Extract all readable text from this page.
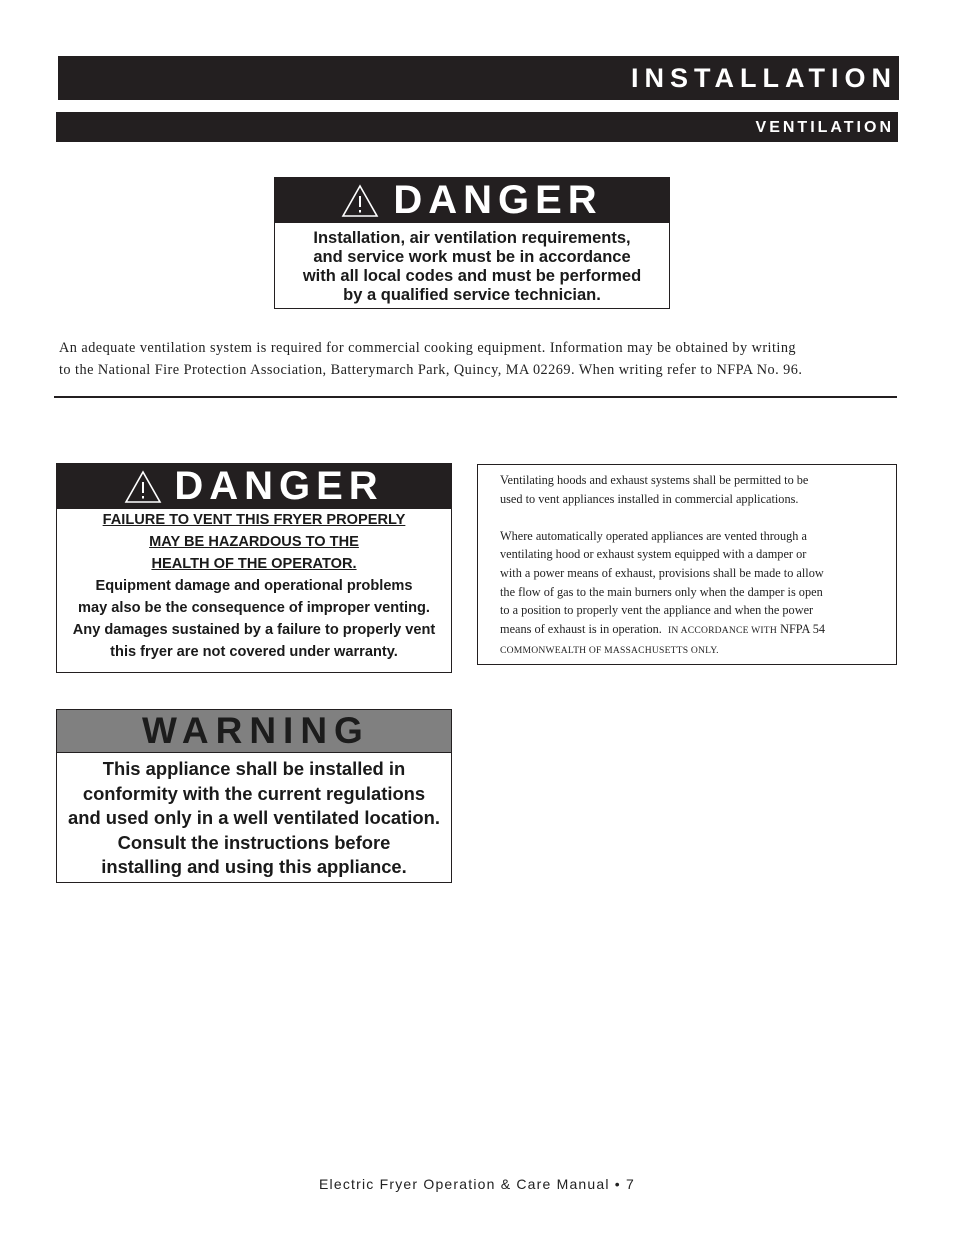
INSTALLATION
VENTILATION
DANGER
Installation, air ventilation requirements,
and service work must be in accordance
with all local codes and must be performed
by a qualified service technician.
An adequate ventilation system is required for commercial cooking equipment. Information may be obtained by writing
to the National Fire Protection Association, Batterymarch Park, Quincy, MA 02269. When writing refer to NFPA No. 96.
DANGER
FAILURE TO VENT THIS FRYER PROPERLY
MAY BE HAZARDOUS TO THE
HEALTH OF THE OPERATOR.
Equipment damage and operational problems
may also be the consequence of improper venting.
Any damages sustained by a failure to properly vent
this fryer are not covered under warranty.
WARNING
This appliance shall be installed in
conformity with the current regulations
and used only in a well ventilated location.
Consult the instructions before
installing and using this appliance.

Ventilating hoods and exhaust systems shall be permitted to be
used to vent appliances installed in commercial applications.

Where automatically operated appliances are vented through a
ventilating hood or exhaust system equipped with a damper or
with a power means of exhaust, provisions shall be made to allow
the flow of gas to the main burners only when the damper is open
to a position to properly vent the appliance and when the power
means of exhaust is in operation. IN ACCORDANCE WITH NFPA 54
COMMONWEALTH OF MASSACHUSETTS ONLY.

Electric Fryer Operation & Care Manual • 7
